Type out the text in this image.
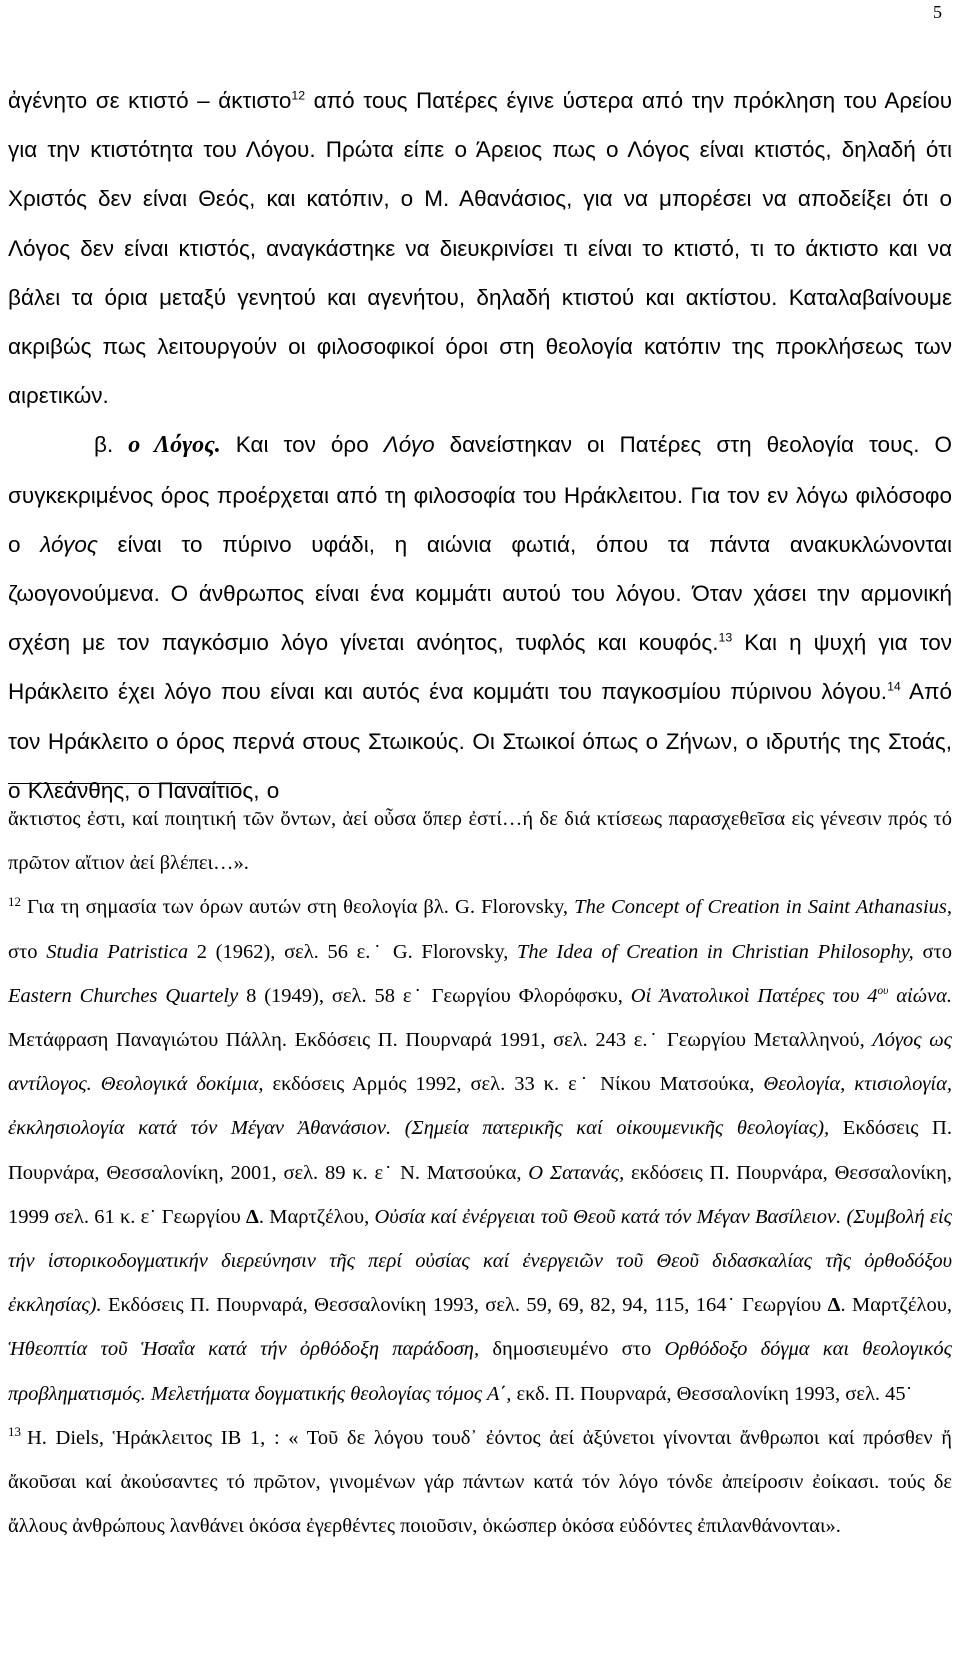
5

ἀγένητο σε κτιστό – άκτιστο$^{12}$ από τους Πατέρες έγινε ύστερα από την πρόκληση του Αρείου για την κτιστότητα του Λόγου. Πρώτα είπε ο Άρειος πως ο Λόγος είναι κτιστός, δηλαδή ότι Χριστός δεν είναι Θεός, και κατόπιν, ο Μ. Αθανάσιος, για να μπορέσει να αποδείξει ότι ο Λόγος δεν είναι κτιστός, αναγκάστηκε να διευκρινίσει τι είναι το κτιστό, τι το άκτιστο και να βάλει τα όρια μεταξύ γενητού και αγενήτου, δηλαδή κτιστού και ακτίστου. Καταλαβαίνουμε ακριβώς πως λειτουργούν οι φιλοσοφικοί όροι στη θεολογία κατόπιν της προκλήσεως των αιρετικών.

β. ο Λόγος. Και τον όρο Λόγο δανείστηκαν οι Πατέρες στη θεολογία τους. Ο συγκεκριμένος όρος προέρχεται από τη φιλοσοφία του Ηράκλειτου. Για τον εν λόγω φιλόσοφο ο λόγος είναι το πύρινο υφάδι, η αιώνια φωτιά, όπου τα πάντα ανακυκλώνονται ζωογονούμενα. Ο άνθρωπος είναι ένα κομμάτι αυτού του λόγου. Όταν χάσει την αρμονική σχέση με τον παγκόσμιο λόγο γίνεται ανόητος, τυφλός και κουφός.$^{13}$ Και η ψυχή για τον Ηράκλειτο έχει λόγο που είναι και αυτός ένα κομμάτι του παγκοσμίου πύρινου λόγου.$^{14}$ Από τον Ηράκλειτο ο όρος περνά στους Στωικούς. Οι Στωικοί όπως ο Ζήνων, ο ιδρυτής της Στοάς, ο Κλεάνθης, ο Παναίτιος, ο

ἄκτιστος ἐστι, καί ποιητική τῶν ὄντων, ἀεί οὖσα ὅπερ ἐστί…ή δε διά κτίσεως παρασχεθεῖσα εἰς γένεσιν πρός τό πρῶτον αἴτιον ἀεί βλέπει…».

$^{12}$ Για τη σημασία των όρων αυτών στη θεολογία βλ. G. Florovsky, The Concept of Creation in Saint Athanasius, στο Studia Patristica 2 (1962), σελ. 56 ε.˙ G. Florovsky, The Idea of Creation in Christian Philosophy, στο Eastern Churches Quartely 8 (1949), σελ. 58 ε˙ Γεωργίου Φλορόφσκυ, Οἱ Ἀνατολικοὶ Πατέρες του $4^{o\upsilon}$ αἰώνα. Μετάφραση Παναγιώτου Πάλλη. Εκδόσεις Π. Πουρναρά 1991, σελ. 243 ε.˙ Γεωργίου Μεταλληνού, Λόγος ως αντίλογος. Θεολογικά δοκίμια, εκδόσεις Αρμός 1992, σελ. 33 κ. ε˙ Νίκου Ματσούκα, Θεολογία, κτισιολογία, ἐκκλησιολογία κατά τόν Μέγαν Ἀθανάσιον. (Σημεία πατερικῆς καί οἰκουμενικῆς θεολογίας), Εκδόσεις Π. Πουρνάρα, Θεσσαλονίκη, 2001, σελ. 89 κ. ε˙ Ν. Ματσούκα, Ο Σατανάς, εκδόσεις Π. Πουρνάρα, Θεσσαλονίκη, 1999 σελ. 61 κ. ε˙ Γεωργίου Δ. Μαρτζέλου, Οὐσία καί ἐνέργειαι τοῦ Θεοῦ κατά τόν Μέγαν Βασίλειον. (Συμβολή εἰς τήν ἱστορικοδογματικήν διερεύνησιν τῆς περί οὐσίας καί ἐνεργειῶν τοῦ Θεοῦ διδασκαλίας τῆς ὀρθοδόξου ἐκκλησίας). Εκδόσεις Π. Πουρναρά, Θεσσαλονίκη 1993, σελ. 59, 69, 82, 94, 115, 164˙ Γεωργίου Δ. Μαρτζέλου, Ἡθεοπτία τοῦ Ἡσαΐα κατά τήν ὀρθόδοξη παράδοση, δημοσιευμένο στο Ορθόδοξο δόγμα και θεολογικός προβληματισμός. Μελετήματα δογματικής θεολογίας τόμος Α΄, εκδ. Π. Πουρναρά, Θεσσαλονίκη 1993, σελ. 45˙

$^{13}$ Η. Diels, Ἡράκλειτος ΙΒ 1, : « Τοῦ δε λόγου τουδ᾽ ἐόντος ἀεί ἀξύνετοι γίνονται ἄνθρωποι καί πρόσθεν ἤ ἄκοῦσαι καί ἀκούσαντες τό πρῶτον, γινομένων γάρ πάντων κατά τόν λόγο τόνδε ἀπείροσιν ἐοίκασι. τούς δε ἄλλους ἀνθρώπους λανθάνει ὁκόσα ἐγερθέντες ποιοῦσιν, ὁκώσπερ ὁκόσα εὐδόντες ἐπιλανθάνονται».
